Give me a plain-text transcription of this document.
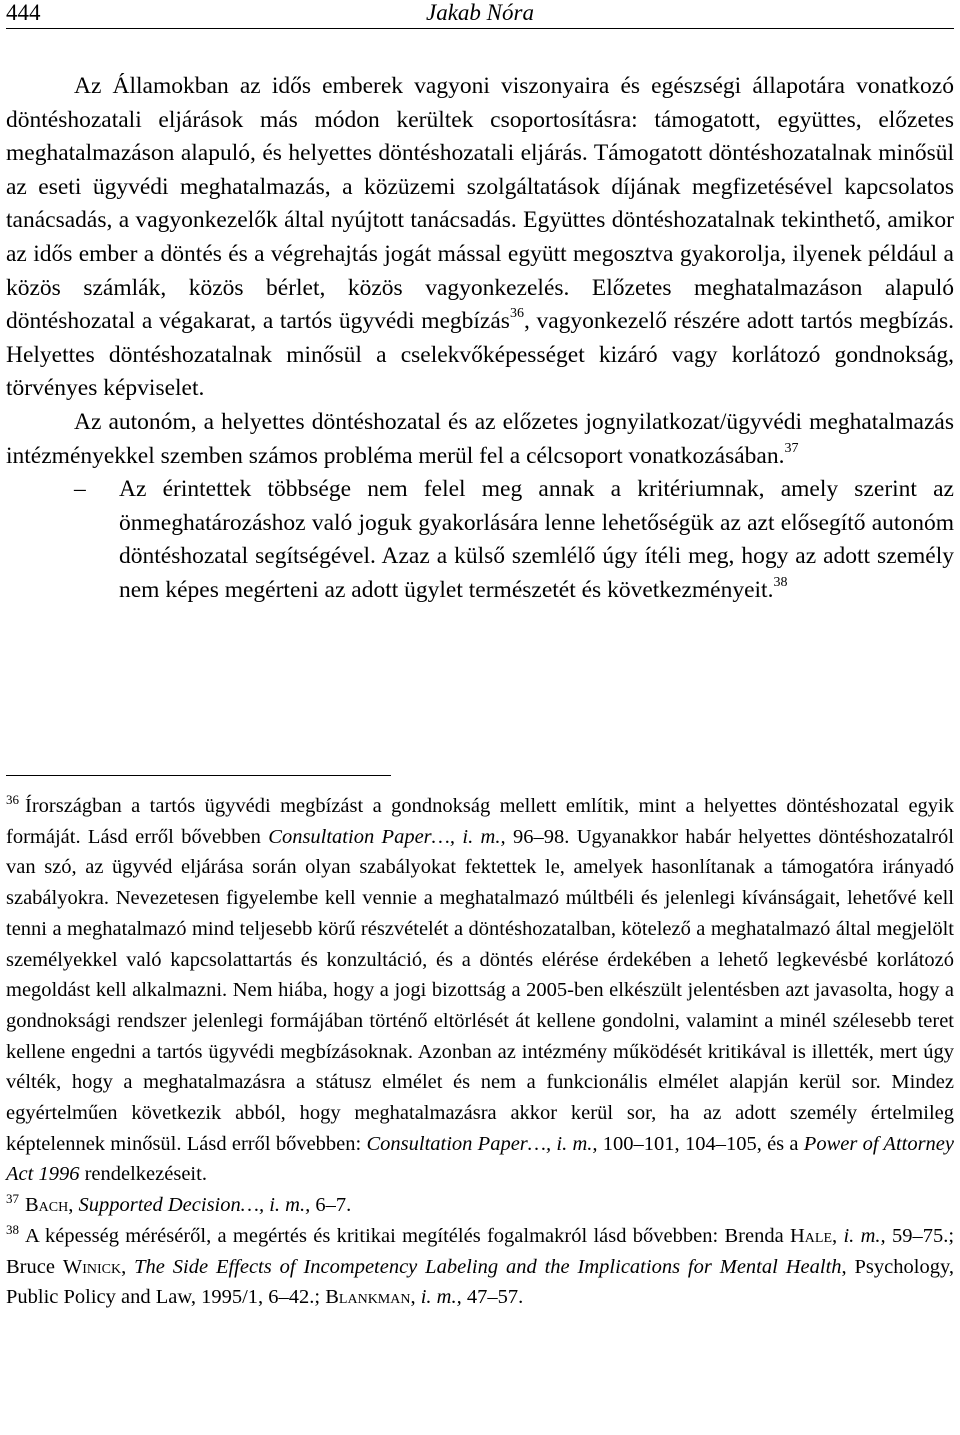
444	Jakab Nóra

Az Államokban az idős emberek vagyoni viszonyaira és egészségi állapotára vonatkozó döntéshozatali eljárások más módon kerültek csoportosításra: támogatott, együttes, előzetes meghatalmazáson alapuló, és helyettes döntéshozatali eljárás. Támogatott döntéshozatalnak minősül az eseti ügyvédi meghatalmazás, a közüzemi szolgáltatások díjának megfizetésével kapcsolatos tanácsadás, a vagyonkezelők által nyújtott tanácsadás. Együttes döntéshozatalnak tekinthető, amikor az idős ember a döntés és a végrehajtás jogát mással együtt megosztva gyakorolja, ilyenek például a közös számlák, közös bérlet, közös vagyonkezelés. Előzetes meghatalmazáson alapuló döntéshozatal a végakarat, a tartós ügyvédi megbízás$^{36}$, vagyonkezelő részére adott tartós megbízás. Helyettes döntéshozatalnak minősül a cselekvőképességet kizáró vagy korlátozó gondnokság, törvényes képviselet.

Az autonóm, a helyettes döntéshozatal és az előzetes jognyilatkozat/ügyvédi meghatalmazás intézményekkel szemben számos probléma merül fel a célcsoport vonatkozásában.$^{37}$

– Az érintettek többsége nem felel meg annak a kritériumnak, amely szerint az önmeghatározáshoz való joguk gyakorlására lenne lehetőségük az azt elősegítő autonóm döntéshozatal segítségével. Azaz a külső szemlélő úgy ítéli meg, hogy az adott személy nem képes megérteni az adott ügylet természetét és következményeit.$^{38}$

$^{36}$ Írországban a tartós ügyvédi megbízást a gondnokság mellett említik, mint a helyettes döntéshozatal egyik formáját. Lásd erről bővebben Consultation Paper…, i. m., 96–98. Ugyanakkor habár helyettes döntéshozatalról van szó, az ügyvéd eljárása során olyan szabályokat fektettek le, amelyek hasonlítanak a támogatóra irányadó szabályokra. Nevezetesen figyelembe kell vennie a meghatalmazó múltbéli és jelenlegi kívánságait, lehetővé kell tenni a meghatalmazó mind teljesebb körű részvételét a döntéshozatalban, kötelező a meghatalmazó által megjelölt személyekkel való kapcsolattartás és konzultáció, és a döntés elérése érdekében a lehető legkevésbé korlátozó megoldást kell alkalmazni. Nem hiába, hogy a jogi bizottság a 2005-ben elkészült jelentésben azt javasolta, hogy a gondnoksági rendszer jelenlegi formájában történő eltörlését át kellene gondolni, valamint a minél szélesebb teret kellene engedni a tartós ügyvédi megbízásoknak. Azonban az intézmény működését kritikával is illették, mert úgy vélték, hogy a meghatalmazásra a státusz elmélet és nem a funkcionális elmélet alapján kerül sor. Mindez egyértelműen következik abból, hogy meghatalmazásra akkor kerül sor, ha az adott személy értelmileg képtelennek minősül. Lásd erről bővebben: Consultation Paper…, i. m., 100–101, 104–105, és a Power of Attorney Act 1996 rendelkezéseit.

$^{37}$ Bach, Supported Decision…, i. m., 6–7.

$^{38}$ A képesség méréséről, a megértés és kritikai megítélés fogalmakról lásd bővebben: Brenda Hale, i. m., 59–75.; Bruce Winick, The Side Effects of Incompetency Labeling and the Implications for Mental Health, Psychology, Public Policy and Law, 1995/1, 6–42.; Blankman, i. m., 47–57.
